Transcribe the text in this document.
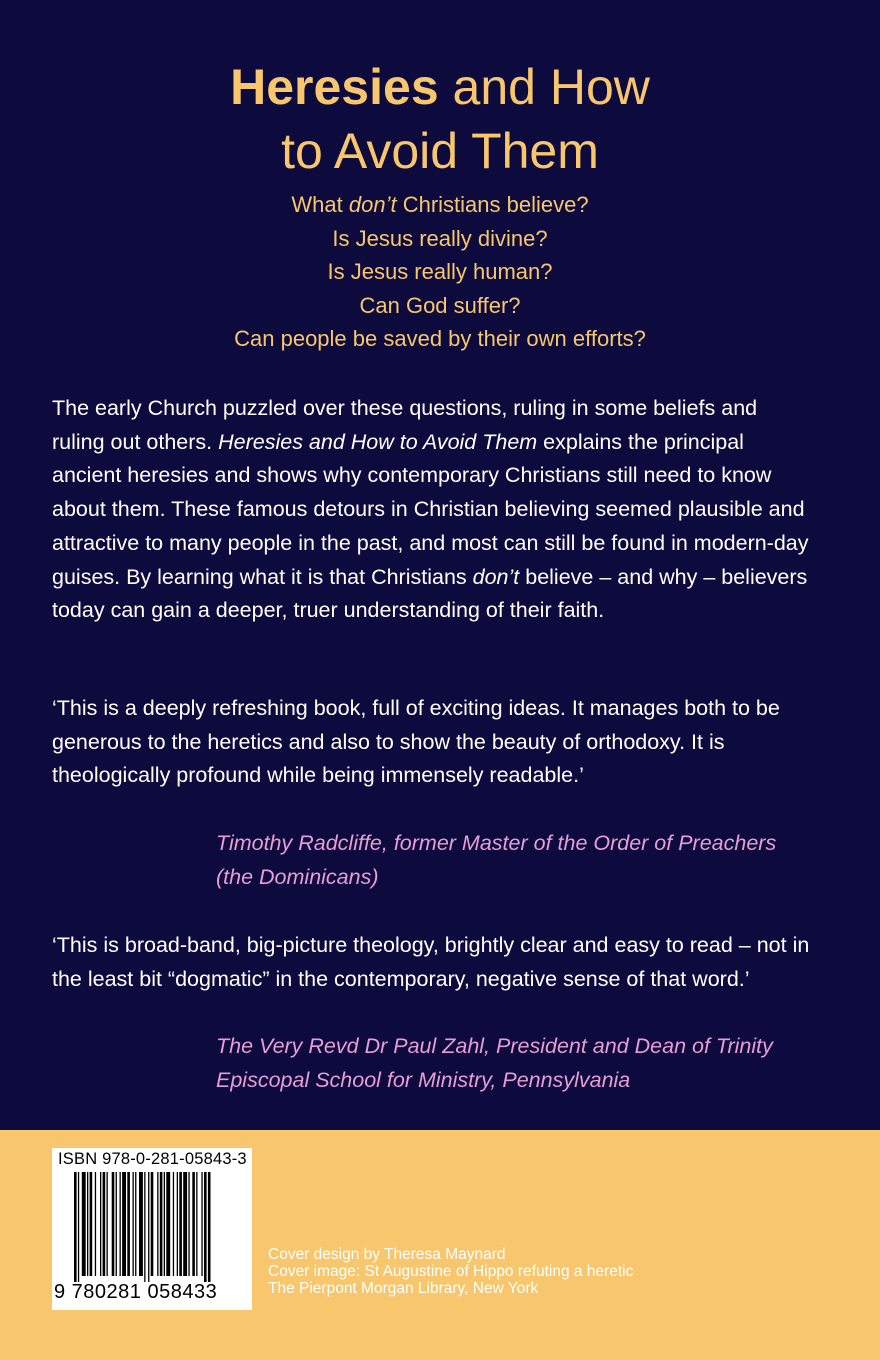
Heresies and How
to Avoid Them
What don’t Christians believe?
Is Jesus really divine?
Is Jesus really human?
Can God suffer?
Can people be saved by their own efforts?
The early Church puzzled over these questions, ruling in some beliefs and ruling out others. Heresies and How to Avoid Them explains the principal ancient heresies and shows why contemporary Christians still need to know about them. These famous detours in Christian believing seemed plausible and attractive to many people in the past, and most can still be found in modern-day guises. By learning what it is that Christians don’t believe – and why – believers today can gain a deeper, truer understanding of their faith.
‘This is a deeply refreshing book, full of exciting ideas. It manages both to be generous to the heretics and also to show the beauty of orthodoxy. It is theologically profound while being immensely readable.’
Timothy Radcliffe, former Master of the Order of Preachers (the Dominicans)
‘This is broad-band, big-picture theology, brightly clear and easy to read – not in the least bit “dogmatic” in the contemporary, negative sense of that word.’
The Very Revd Dr Paul Zahl, President and Dean of Trinity Episcopal School for Ministry, Pennsylvania
ISBN 978-0-281-05843-3
9 780281 058433
Cover design by Theresa Maynard
Cover image: St Augustine of Hippo refuting a heretic
The Pierpont Morgan Library, New York
